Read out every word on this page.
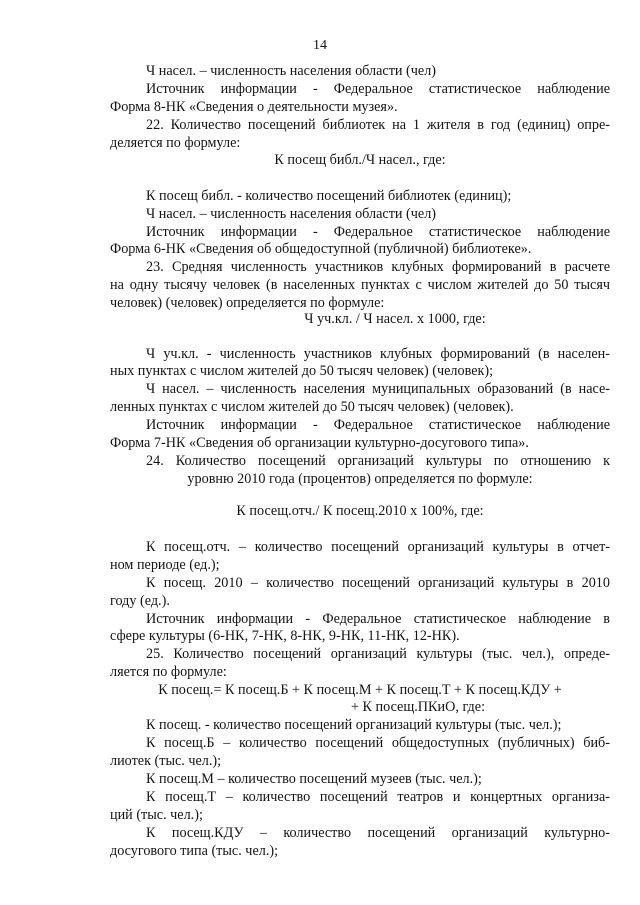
14
Ч насел. – численность населения области (чел)
Источник информации - Федеральное статистическое наблюдение
Форма 8-НК «Сведения о деятельности музея».
22. Количество посещений библиотек на 1 жителя в год (единиц) опре-
деляется по формуле:
К посещ библ./Ч насел., где:
К посещ библ. - количество посещений библиотек (единиц);
Ч насел. – численность населения области (чел)
Источник информации - Федеральное статистическое наблюдение
Форма 6-НК «Сведения об общедоступной (публичной) библиотеке».
23. Средняя численность участников клубных формирований в расчете
на одну тысячу человек (в населенных пунктах с числом жителей до 50 тысяч
человек) (человек) определяется по формуле:
Ч уч.кл. / Ч насел. х 1000, где:
Ч уч.кл. - численность участников клубных формирований (в населен-
ных пунктах с числом жителей до 50 тысяч человек) (человек);
Ч насел. – численность населения муниципальных образований (в насе-
ленных пунктах с числом жителей до 50 тысяч человек) (человек).
Источник информации - Федеральное статистическое наблюдение
Форма 7-НК «Сведения об организации культурно-досугового типа».
24. Количество посещений организаций культуры по отношению к
уровню 2010 года (процентов) определяется по формуле:
К посещ.отч./ К посещ.2010 х 100%, где:
К посещ.отч. – количество посещений организаций культуры в отчет-
ном периоде (ед.);
К посещ. 2010 – количество посещений организаций культуры в 2010
году (ед.).
Источник информации - Федеральное статистическое наблюдение в
сфере культуры (6-НК, 7-НК, 8-НК, 9-НК, 11-НК, 12-НК).
25. Количество посещений организаций культуры (тыс. чел.), опреде-
ляется по формуле:
К посещ.= К посещ.Б + К посещ.М + К посещ.Т + К посещ.КДУ +
+ К посещ.ПКиО, где:
К посещ. - количество посещений организаций культуры (тыс. чел.);
К посещ.Б – количество посещений общедоступных (публичных) биб-
лиотек (тыс. чел.);
К посещ.М – количество посещений музеев (тыс. чел.);
К посещ.Т – количество посещений театров и концертных организа-
ций (тыс. чел.);
К посещ.КДУ – количество посещений организаций культурно-
досугового типа (тыс. чел.);
